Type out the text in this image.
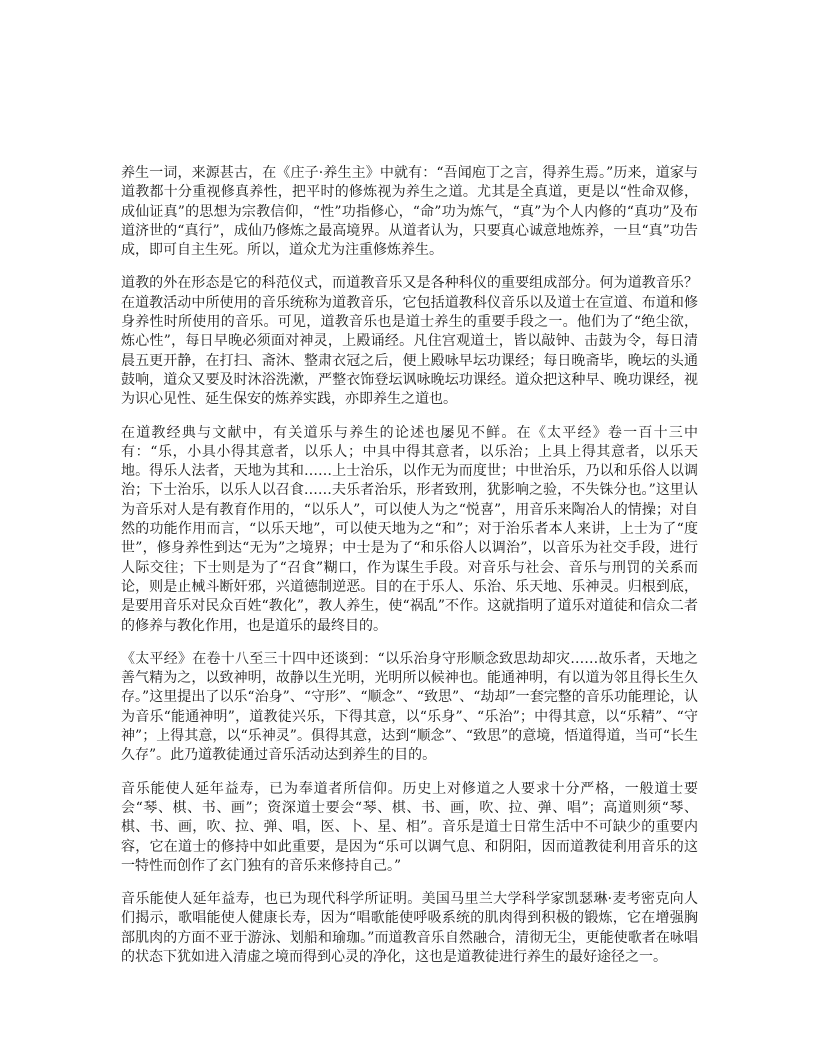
养生一词，来源甚古，在《庄子·养生主》中就有：“吾闻庖丁之言，得养生焉。”历来，道家与道教都十分重视修真养性，把平时的修炼视为养生之道。尤其是全真道，更是以“性命双修，成仙证真”的思想为宗教信仰，“性”功指修心，“命”功为炼气，“真”为个人内修的“真功”及布道济世的“真行”，成仙乃修炼之最高境界。从道者认为，只要真心诚意地炼养，一旦“真”功告成，即可自主生死。所以，道众尤为注重修炼养生。

道教的外在形态是它的科范仪式，而道教音乐又是各种科仪的重要组成部分。何为道教音乐？在道教活动中所使用的音乐统称为道教音乐，它包括道教科仪音乐以及道士在宣道、布道和修身养性时所使用的音乐。可见，道教音乐也是道士养生的重要手段之一。他们为了“绝尘欲，炼心性”，每日早晚必须面对神灵，上殿诵经。凡住宫观道士，皆以敲钟、击鼓为令，每日清晨五更开静，在打扫、斋沐、整肃衣冠之后，便上殿咏早坛功课经；每日晚斋毕，晚坛的头通鼓响，道众又要及时沐浴洗漱，严整衣饰登坛讽咏晚坛功课经。道众把这种早、晚功课经，视为识心见性、延生保安的炼养实践，亦即养生之道也。

在道教经典与文献中，有关道乐与养生的论述也屡见不鲜。在《太平经》卷一百十三中有：“乐，小具小得其意者，以乐人；中具中得其意者，以乐治；上具上得其意者，以乐天地。得乐人法者，天地为其和……上士治乐，以作无为而度世；中世治乐，乃以和乐俗人以调治；下士治乐，以乐人以召食……夫乐者治乐，形者致刑，犹影响之验，不失铢分也。”这里认为音乐对人是有教育作用的，“以乐人”，可以使人为之“悦喜”，用音乐来陶冶人的情操；对自然的功能作用而言，“以乐天地”，可以使天地为之“和”；对于治乐者本人来讲，上士为了“度世”，修身养性到达“无为”之境界；中士是为了“和乐俗人以调治”，以音乐为社交手段，进行人际交往；下士则是为了“召食”糊口，作为谋生手段。对音乐与社会、音乐与刑罚的关系而论，则是止械斗断奸邪，兴道德制逆恶。目的在于乐人、乐治、乐天地、乐神灵。归根到底，是要用音乐对民众百姓“教化”，教人养生，使“祸乱”不作。这就指明了道乐对道徒和信众二者的修养与教化作用，也是道乐的最终目的。

《太平经》在卷十八至三十四中还谈到：“以乐治身守形顺念致思劫却灾……故乐者，天地之善气精为之，以致神明，故静以生光明，光明所以候神也。能通神明，有以道为邻且得长生久存。”这里提出了以乐“治身”、“守形”、“顺念”、“致思”、“劫却”一套完整的音乐功能理论，认为音乐“能通神明”，道教徒兴乐，下得其意，以“乐身”、“乐治”；中得其意，以“乐精”、“守神”；上得其意，以“乐神灵”。俱得其意，达到“顺念”、“致思”的意境，悟道得道，当可“长生久存”。此乃道教徒通过音乐活动达到养生的目的。

音乐能使人延年益寿，已为奉道者所信仰。历史上对修道之人要求十分严格，一般道士要会“琴、棋、书、画”；资深道士要会“琴、棋、书、画，吹、拉、弹、唱”；高道则须“琴、棋、书、画，吹、拉、弹、唱，医、卜、星、相”。音乐是道士日常生活中不可缺少的重要内容，它在道士的修持中如此重要，是因为“乐可以调气息、和阴阳，因而道教徒利用音乐的这一特性而创作了玄门独有的音乐来修持自己。”

音乐能使人延年益寿，也已为现代科学所证明。美国马里兰大学科学家凯瑟琳·麦考密克向人们揭示，歌唱能使人健康长寿，因为“唱歌能使呼吸系统的肌肉得到积极的锻炼，它在增强胸部肌肉的方面不亚于游泳、划船和瑜珈。”而道教音乐自然融合，清彻无尘，更能使歌者在咏唱的状态下犹如进入清虚之境而得到心灵的净化，这也是道教徒进行养生的最好途径之一。
